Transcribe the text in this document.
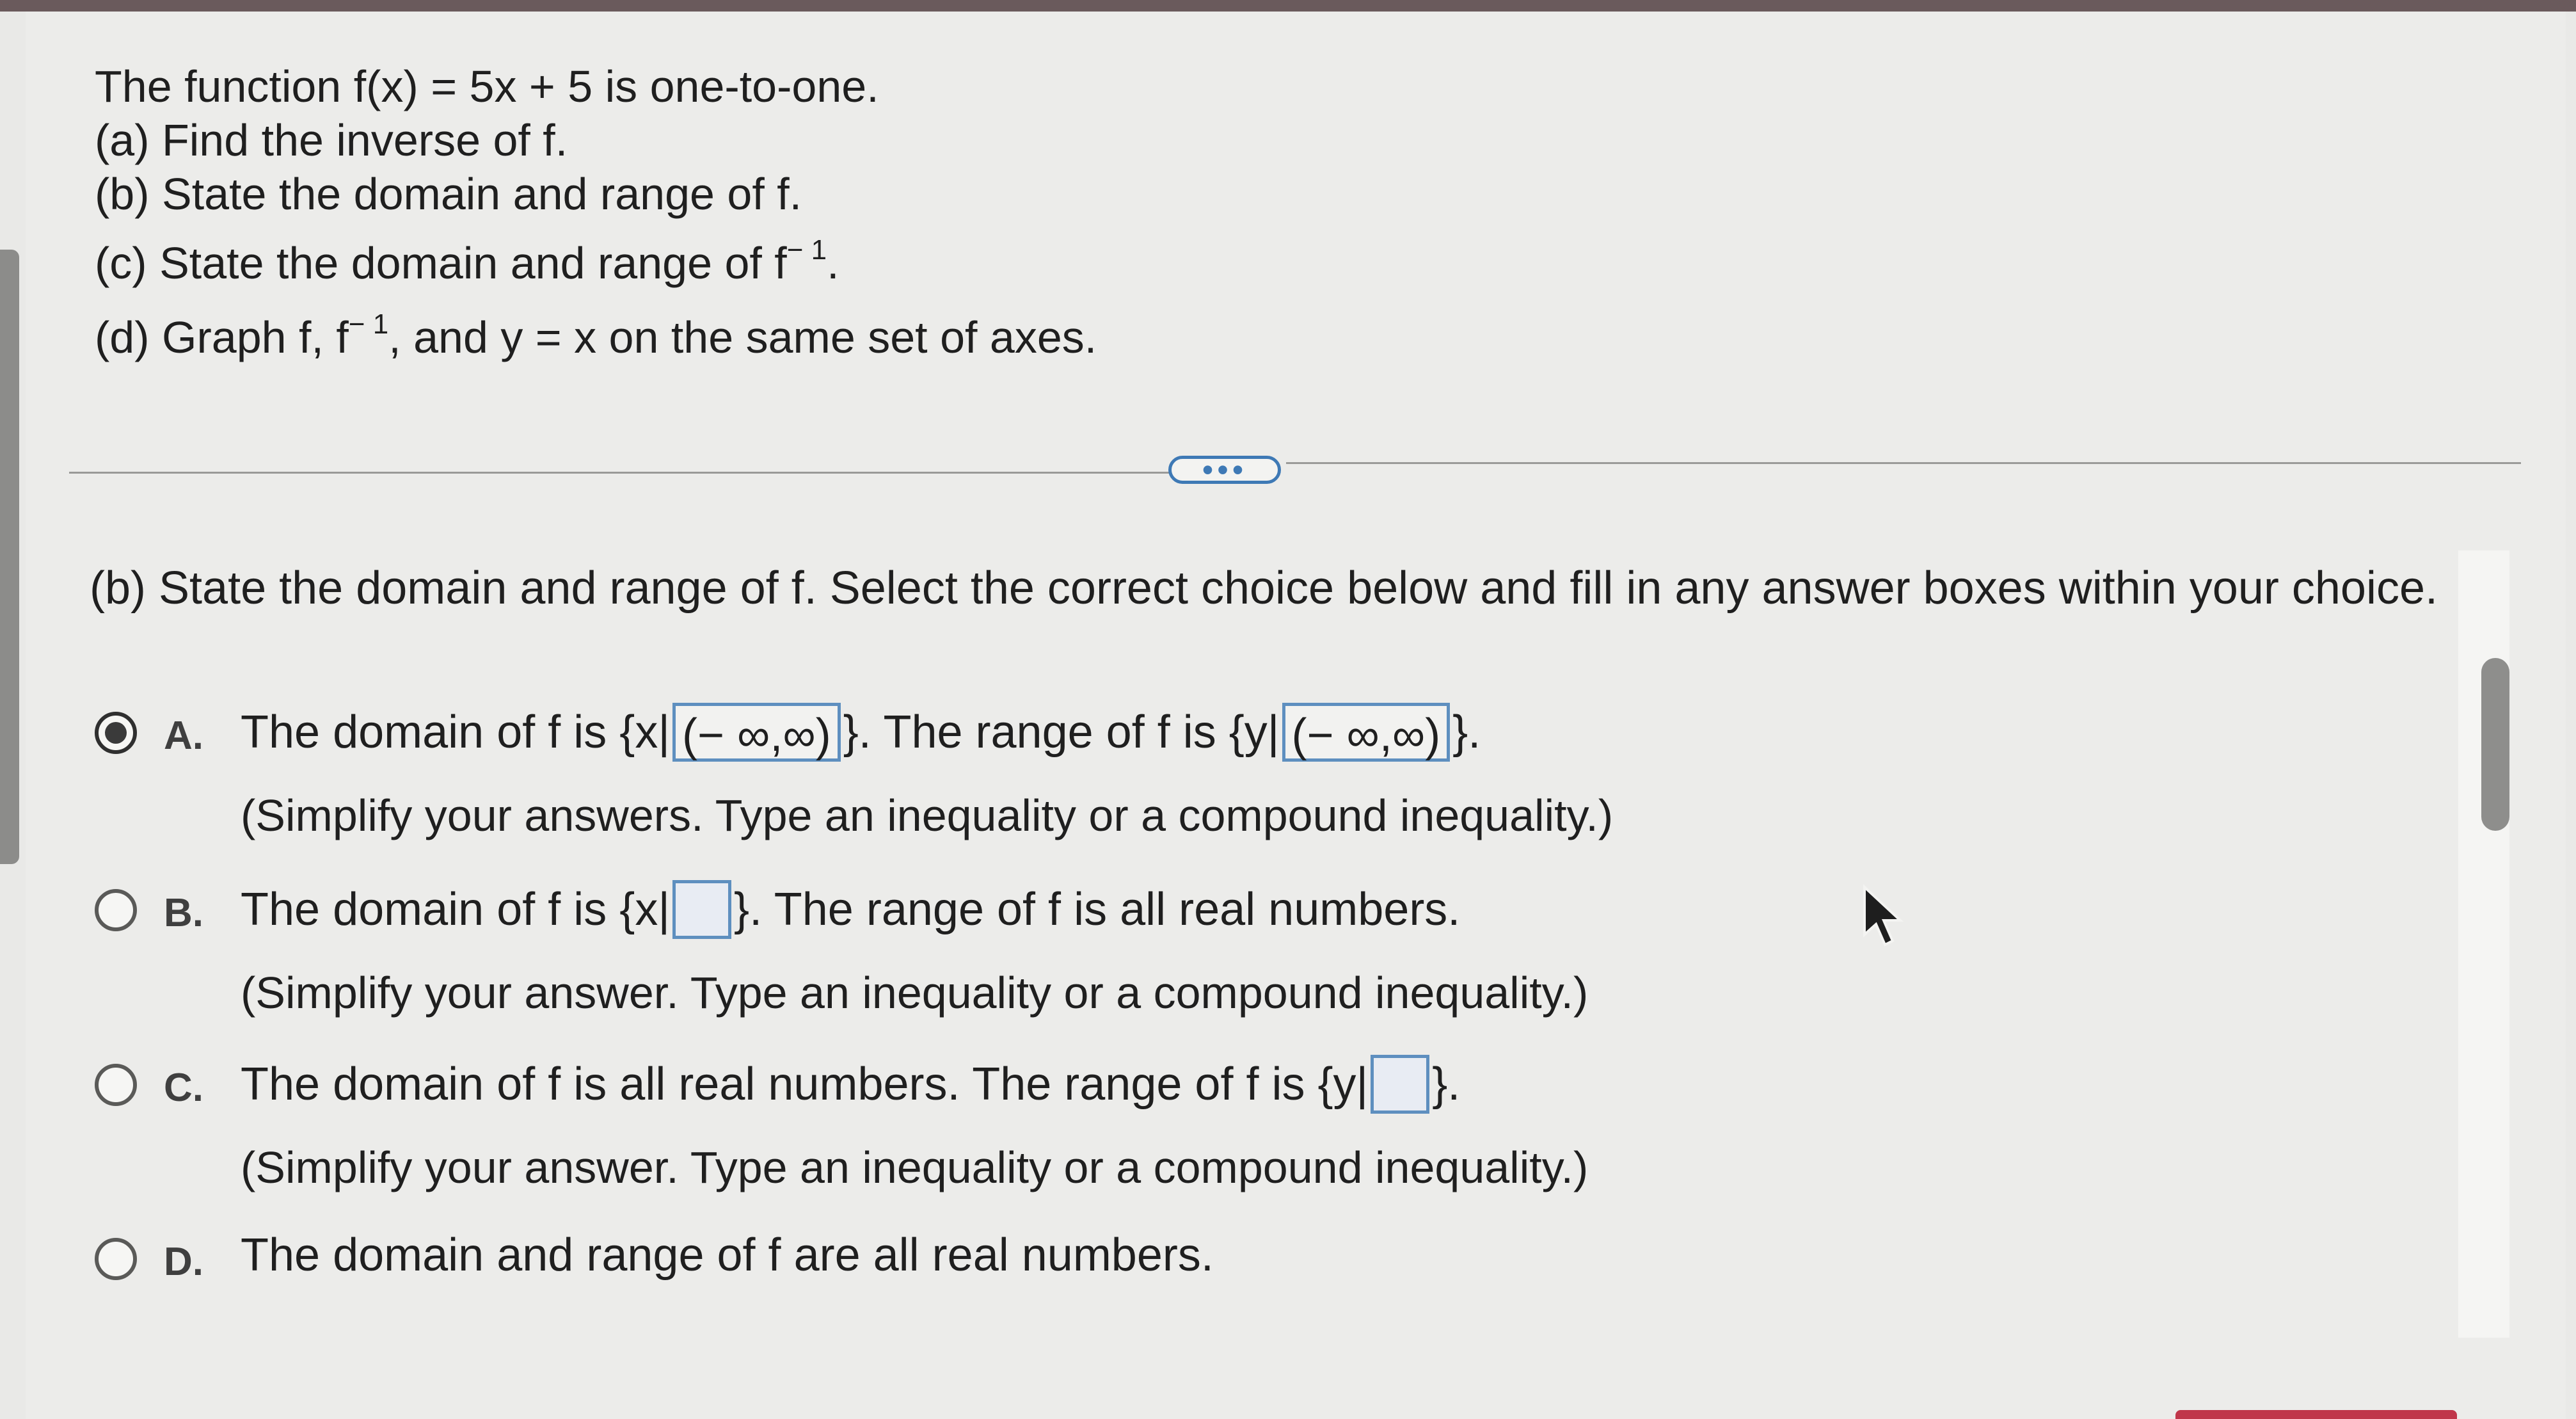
The function f(x) = 5x + 5 is one-to-one.
(a) Find the inverse of f.
(b) State the domain and range of f.
(c) State the domain and range of $f^{- 1}$.
(d) Graph f, $f^{- 1}$, and y = x on the same set of axes.
•••
(b) State the domain and range of f. Select the correct choice below and fill in any answer boxes within your choice.
A. The domain of f is {x| (− ∞,∞) }. The range of f is {y| (− ∞,∞) }.
(Simplify your answers. Type an inequality or a compound inequality.)
B. The domain of f is {x| }. The range of f is all real numbers.
(Simplify your answer. Type an inequality or a compound inequality.)
C. The domain of f is all real numbers. The range of f is {y| }.
(Simplify your answer. Type an inequality or a compound inequality.)
D. The domain and range of f are all real numbers.
